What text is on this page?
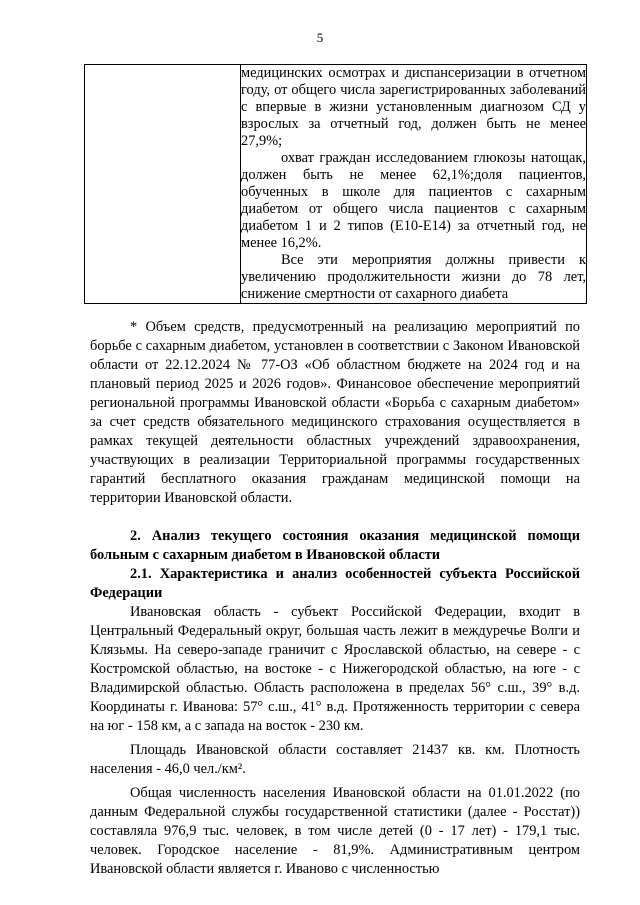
5

медицинских осмотрах и диспансеризации в отчетном году, от общего числа зарегистрированных заболеваний с впервые в жизни установленным диагнозом СД у взрослых за отчетный год, должен быть не менее 27,9%;

охват граждан исследованием глюкозы натощак, должен быть не менее 62,1%;доля пациентов, обученных в школе для пациентов с сахарным диабетом от общего числа пациентов с сахарным диабетом 1 и 2 типов (Е10-Е14) за отчетный год, не менее 16,2%.

Все эти мероприятия должны привести к увеличению продолжительности жизни до 78 лет, снижение смертности от сахарного диабета

* Объем средств, предусмотренный на реализацию мероприятий по борьбе с сахарным диабетом, установлен в соответствии с Законом Ивановской области от 22.12.2024 № 77-ОЗ «Об областном бюджете на 2024 год и на плановый период 2025 и 2026 годов». Финансовое обеспечение мероприятий региональной программы Ивановской области «Борьба с сахарным диабетом» за счет средств обязательного медицинского страхования осуществляется в рамках текущей деятельности областных учреждений здравоохранения, участвующих в реализации Территориальной программы государственных гарантий бесплатного оказания гражданам медицинской помощи на территории Ивановской области.

2. Анализ текущего состояния оказания медицинской помощи больным с сахарным диабетом в Ивановской области

2.1. Характеристика и анализ особенностей субъекта Российской Федерации

Ивановская область - субъект Российской Федерации, входит в Центральный Федеральный округ, большая часть лежит в междуречье Волги и Клязьмы. На северо-западе граничит с Ярославской областью, на севере - с Костромской областью, на востоке - с Нижегородской областью, на юге - с Владимирской областью. Область расположена в пределах 56° с.ш., 39° в.д. Координаты г. Иванова: 57° с.ш., 41° в.д. Протяженность территории с севера на юг - 158 км, а с запада на восток - 230 км.

Площадь Ивановской области составляет 21437 кв. км. Плотность населения - 46,0 чел./км².

Общая численность населения Ивановской области на 01.01.2022 (по данным Федеральной службы государственной статистики (далее - Росстат)) составляла 976,9 тыс. человек, в том числе детей (0 - 17 лет) - 179,1 тыс. человек. Городское население - 81,9%. Административным центром Ивановской области является г. Иваново с численностью
